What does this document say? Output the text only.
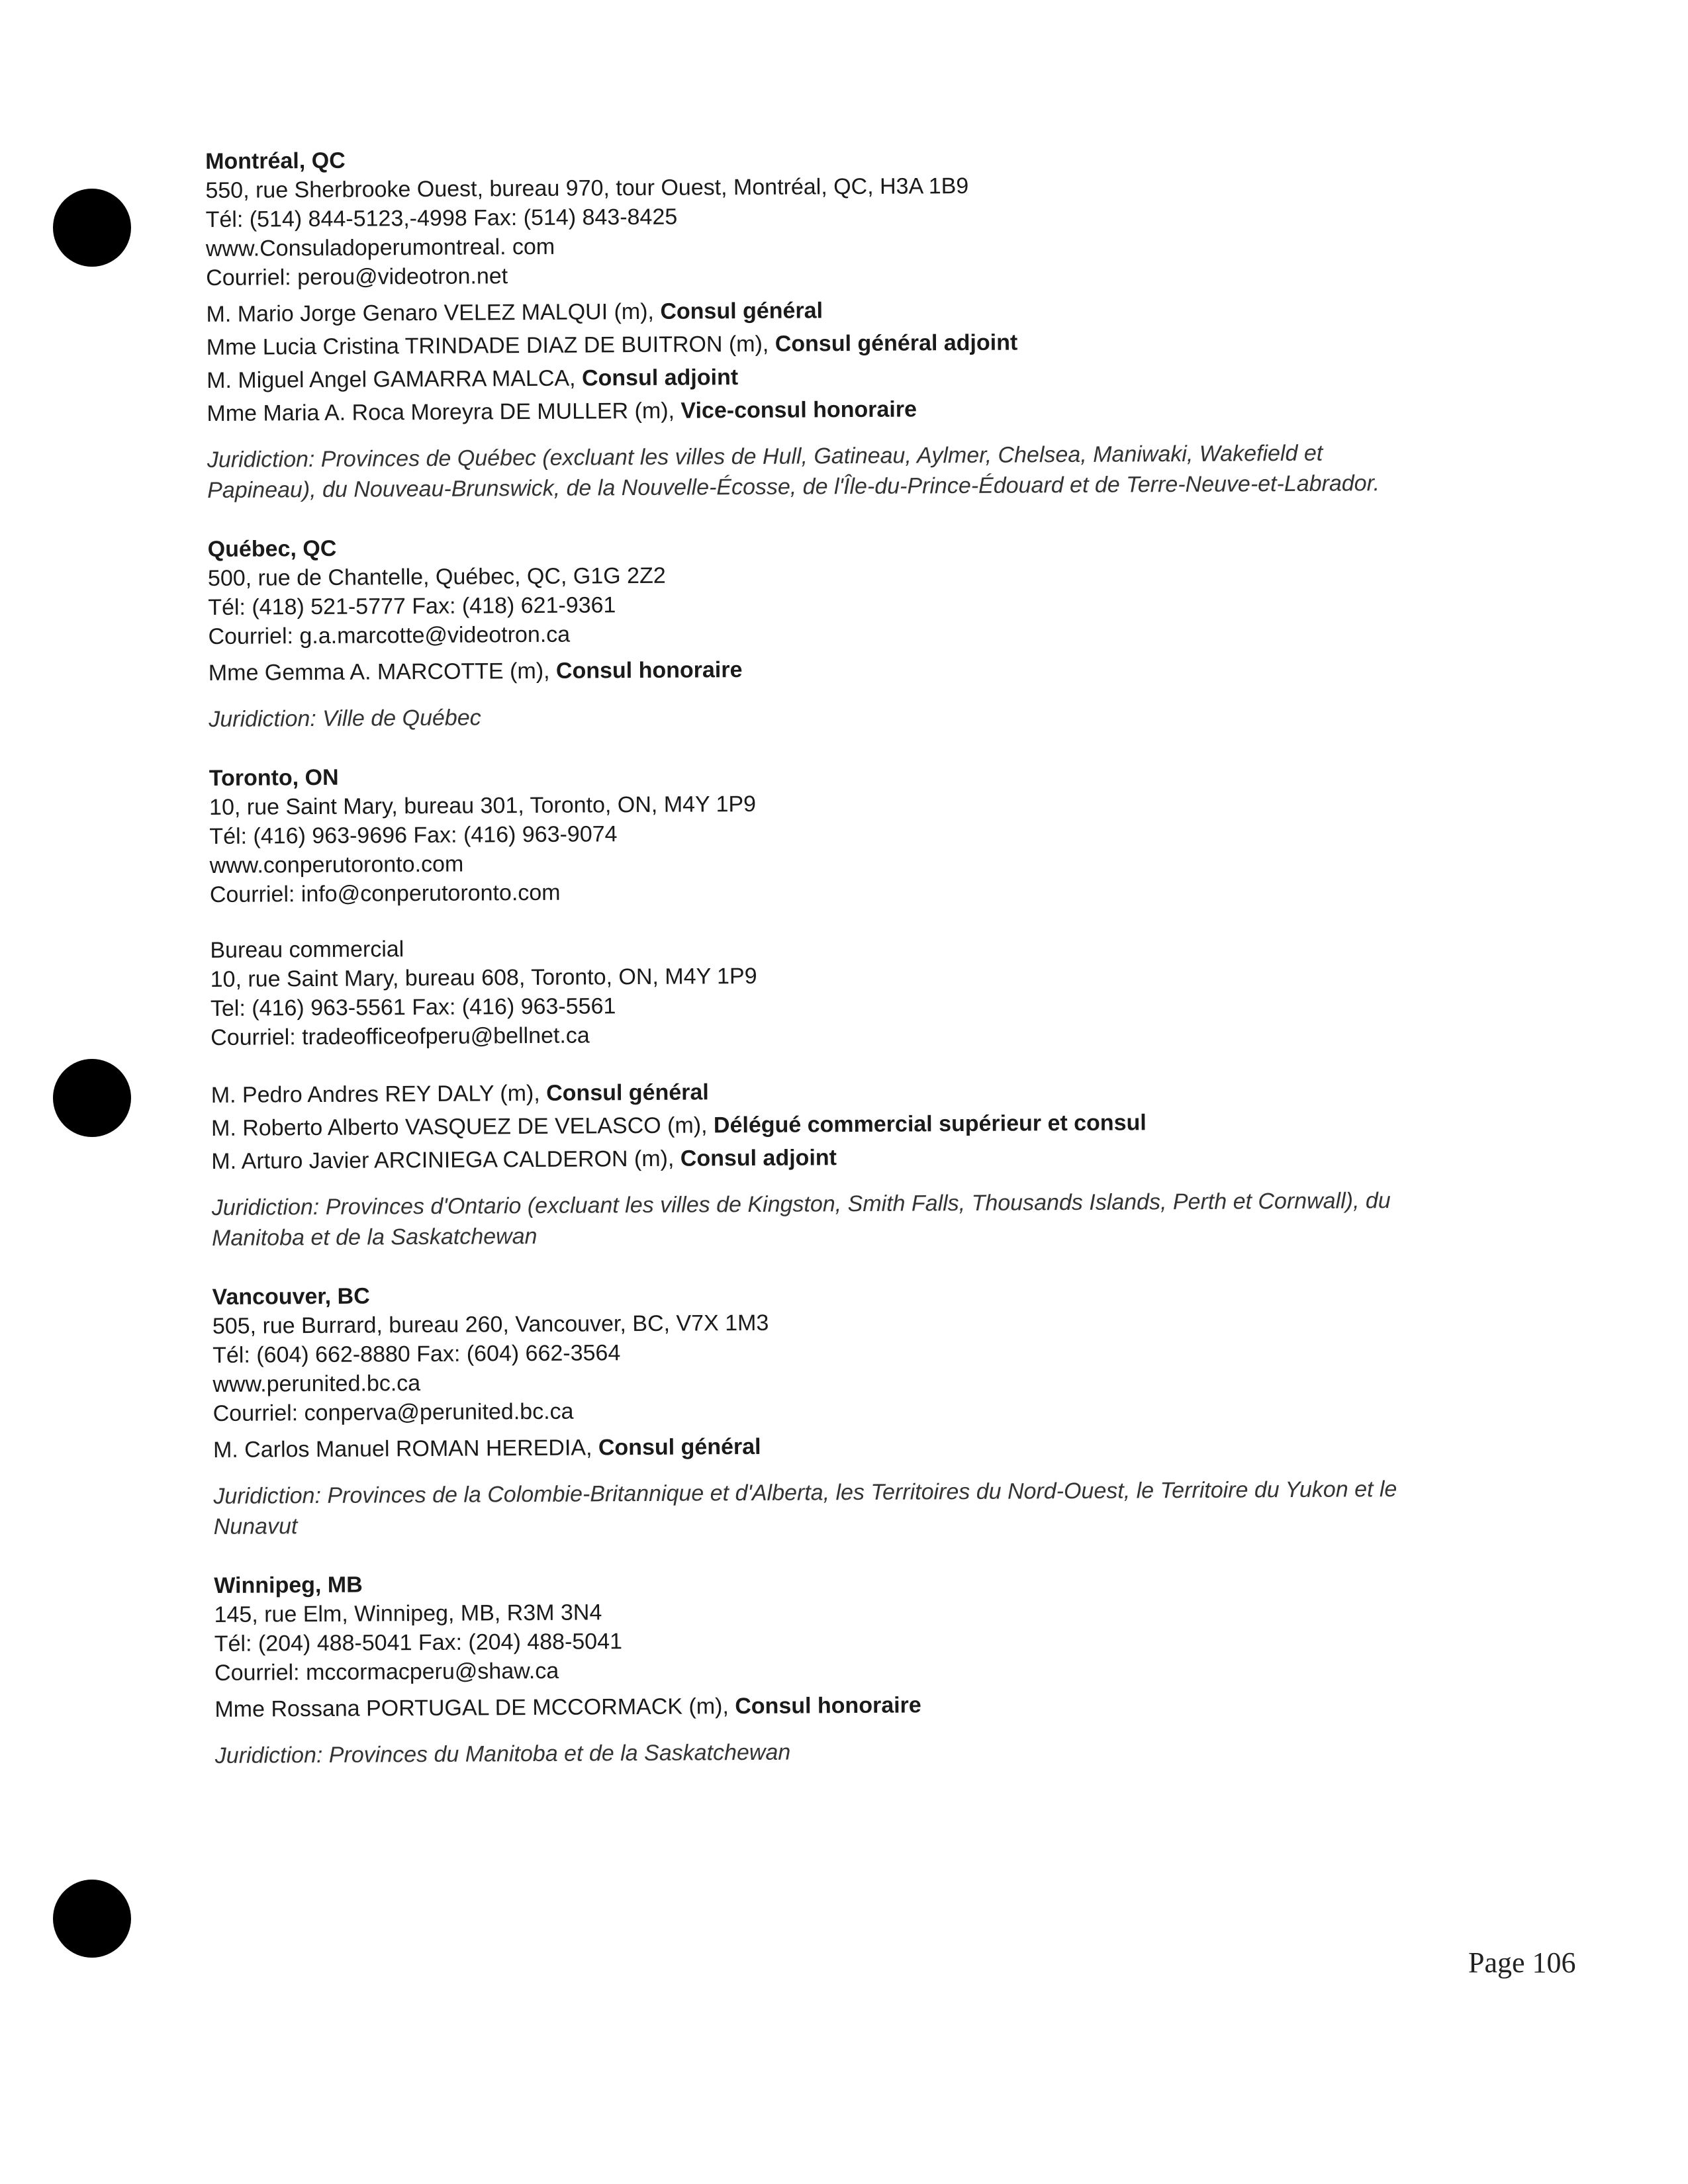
Montréal, QC
550, rue Sherbrooke Ouest, bureau 970, tour Ouest, Montréal, QC, H3A 1B9
Tél: (514) 844-5123,-4998 Fax: (514) 843-8425
www.Consuladoperumontreal. com
Courriel: perou@videotron.net
M. Mario Jorge Genaro VELEZ MALQUI (m), Consul général
Mme Lucia Cristina TRINDADE DIAZ DE BUITRON (m), Consul général adjoint
M. Miguel Angel GAMARRA MALCA, Consul adjoint
Mme Maria A. Roca Moreyra DE MULLER (m), Vice-consul honoraire
Juridiction: Provinces de Québec (excluant les villes de Hull, Gatineau, Aylmer, Chelsea, Maniwaki, Wakefield et
Papineau), du Nouveau-Brunswick, de la Nouvelle-Écosse, de l'Île-du-Prince-Édouard et de Terre-Neuve-et-Labrador.
Québec, QC
500, rue de Chantelle, Québec, QC, G1G 2Z2
Tél: (418) 521-5777 Fax: (418) 621-9361
Courriel: g.a.marcotte@videotron.ca
Mme Gemma A. MARCOTTE (m), Consul honoraire
Juridiction: Ville de Québec
Toronto, ON
10, rue Saint Mary, bureau 301, Toronto, ON, M4Y 1P9
Tél: (416) 963-9696 Fax: (416) 963-9074
www.conperutoronto.com
Courriel: info@conperutoronto.com
Bureau commercial
10, rue Saint Mary, bureau 608, Toronto, ON, M4Y 1P9
Tel: (416) 963-5561 Fax: (416) 963-5561
Courriel: tradeofficeofperu@bellnet.ca
M. Pedro Andres REY DALY (m), Consul général
M. Roberto Alberto VASQUEZ DE VELASCO (m), Délégué commercial supérieur et consul
M. Arturo Javier ARCINIEGA CALDERON (m), Consul adjoint
Juridiction: Provinces d'Ontario (excluant les villes de Kingston, Smith Falls, Thousands Islands, Perth et Cornwall), du
Manitoba et de la Saskatchewan
Vancouver, BC
505, rue Burrard, bureau 260, Vancouver, BC, V7X 1M3
Tél: (604) 662-8880 Fax: (604) 662-3564
www.perunited.bc.ca
Courriel: conperva@perunited.bc.ca
M. Carlos Manuel ROMAN HEREDIA, Consul général
Juridiction: Provinces de la Colombie-Britannique et d'Alberta, les Territoires du Nord-Ouest, le Territoire du Yukon et le
Nunavut
Winnipeg, MB
145, rue Elm, Winnipeg, MB, R3M 3N4
Tél: (204) 488-5041 Fax: (204) 488-5041
Courriel: mccormacperu@shaw.ca
Mme Rossana PORTUGAL DE MCCORMACK (m), Consul honoraire
Juridiction: Provinces du Manitoba et de la Saskatchewan
Page 106
